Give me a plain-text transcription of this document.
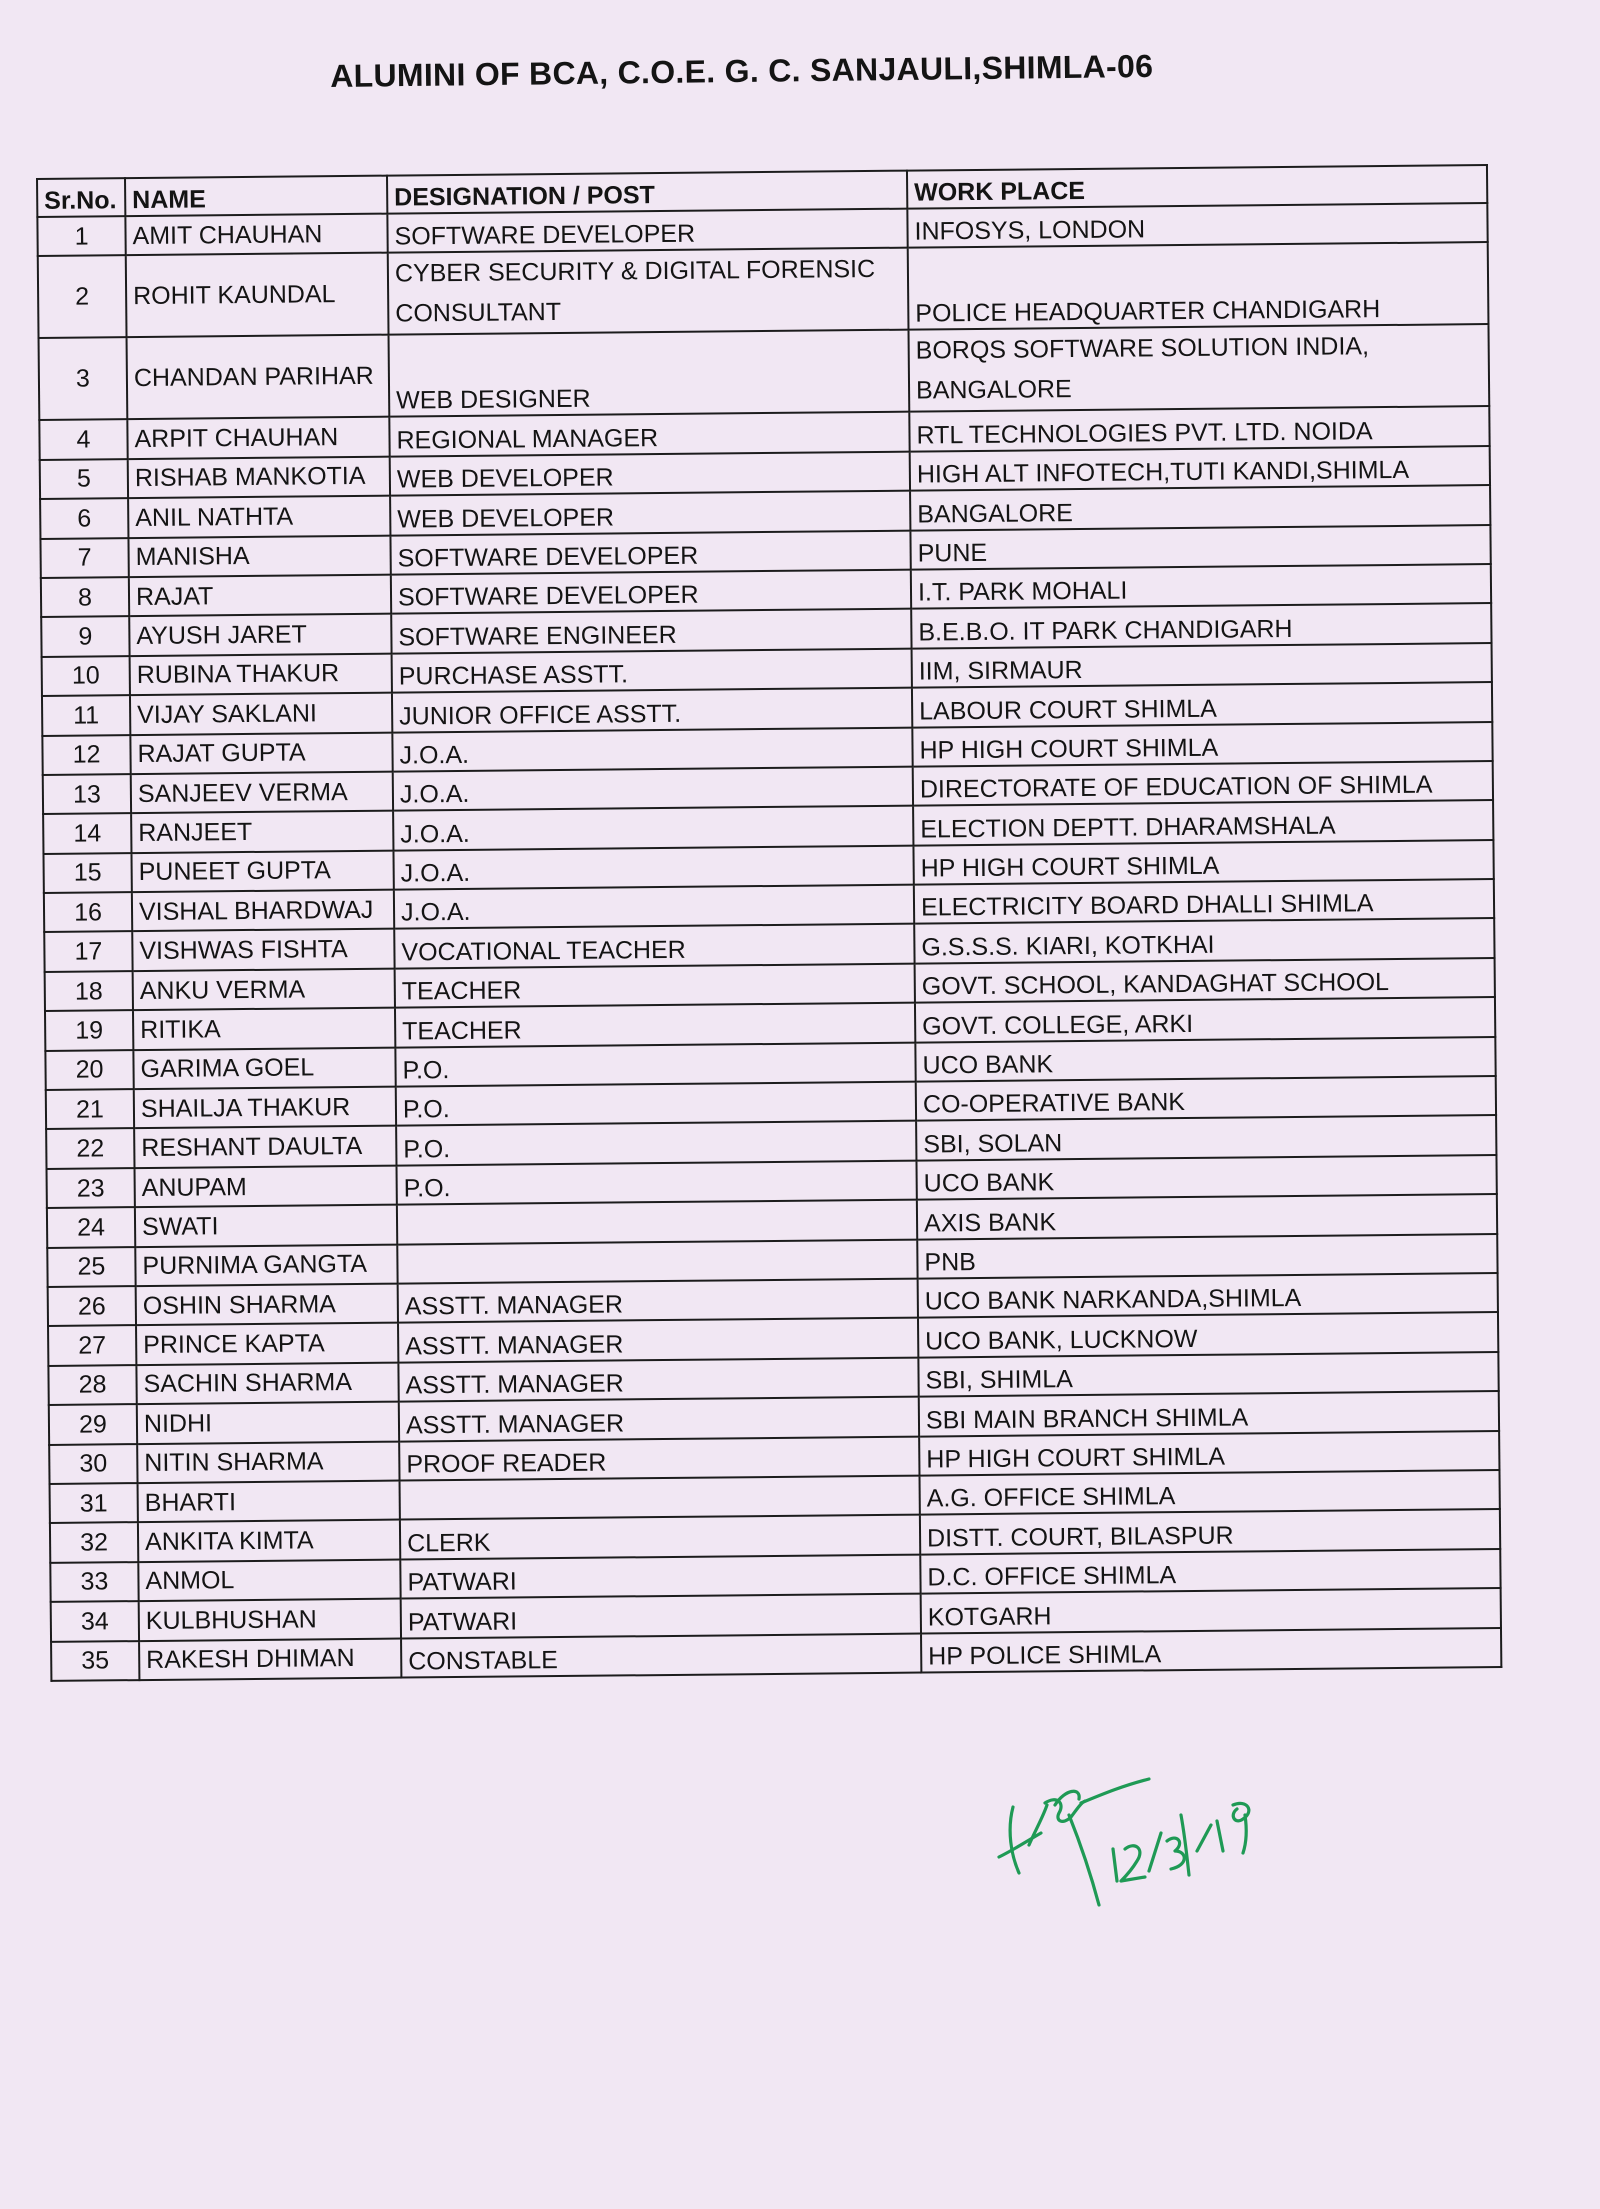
ALUMINI OF BCA, C.O.E. G. C. SANJAULI,SHIMLA-06
Sr.No.	NAME	DESIGNATION / POST	WORK PLACE
1	AMIT CHAUHAN	SOFTWARE DEVELOPER	INFOSYS, LONDON
2	ROHIT KAUNDAL	CYBER SECURITY & DIGITAL FORENSIC CONSULTANT	POLICE HEADQUARTER CHANDIGARH
3	CHANDAN PARIHAR	WEB DESIGNER	BORQS SOFTWARE SOLUTION INDIA, BANGALORE
4	ARPIT CHAUHAN	REGIONAL MANAGER	RTL TECHNOLOGIES PVT. LTD. NOIDA
5	RISHAB MANKOTIA	WEB DEVELOPER	HIGH ALT INFOTECH,TUTI KANDI,SHIMLA
6	ANIL NATHTA	WEB DEVELOPER	BANGALORE
7	MANISHA	SOFTWARE DEVELOPER	PUNE
8	RAJAT	SOFTWARE DEVELOPER	I.T. PARK MOHALI
9	AYUSH JARET	SOFTWARE ENGINEER	B.E.B.O. IT PARK CHANDIGARH
10	RUBINA THAKUR	PURCHASE ASSTT.	IIM, SIRMAUR
11	VIJAY SAKLANI	JUNIOR OFFICE ASSTT.	LABOUR COURT SHIMLA
12	RAJAT GUPTA	J.O.A.	HP HIGH COURT SHIMLA
13	SANJEEV VERMA	J.O.A.	DIRECTORATE OF EDUCATION OF SHIMLA
14	RANJEET	J.O.A.	ELECTION DEPTT. DHARAMSHALA
15	PUNEET GUPTA	J.O.A.	HP HIGH COURT SHIMLA
16	VISHAL BHARDWAJ	J.O.A.	ELECTRICITY BOARD DHALLI SHIMLA
17	VISHWAS FISHTA	VOCATIONAL TEACHER	G.S.S.S. KIARI, KOTKHAI
18	ANKU VERMA	TEACHER	GOVT. SCHOOL, KANDAGHAT SCHOOL
19	RITIKA	TEACHER	GOVT. COLLEGE, ARKI
20	GARIMA GOEL	P.O.	UCO BANK
21	SHAILJA THAKUR	P.O.	CO-OPERATIVE BANK
22	RESHANT DAULTA	P.O.	SBI, SOLAN
23	ANUPAM	P.O.	UCO BANK
24	SWATI		AXIS BANK
25	PURNIMA GANGTA		PNB
26	OSHIN SHARMA	ASSTT. MANAGER	UCO BANK NARKANDA,SHIMLA
27	PRINCE KAPTA	ASSTT. MANAGER	UCO BANK, LUCKNOW
28	SACHIN SHARMA	ASSTT. MANAGER	SBI, SHIMLA
29	NIDHI	ASSTT. MANAGER	SBI MAIN BRANCH SHIMLA
30	NITIN SHARMA	PROOF READER	HP HIGH COURT SHIMLA
31	BHARTI		A.G. OFFICE SHIMLA
32	ANKITA KIMTA	CLERK	DISTT. COURT, BILASPUR
33	ANMOL	PATWARI	D.C. OFFICE SHIMLA
34	KULBHUSHAN	PATWARI	KOTGARH
35	RAKESH DHIMAN	CONSTABLE	HP POLICE SHIMLA
12/3/19
